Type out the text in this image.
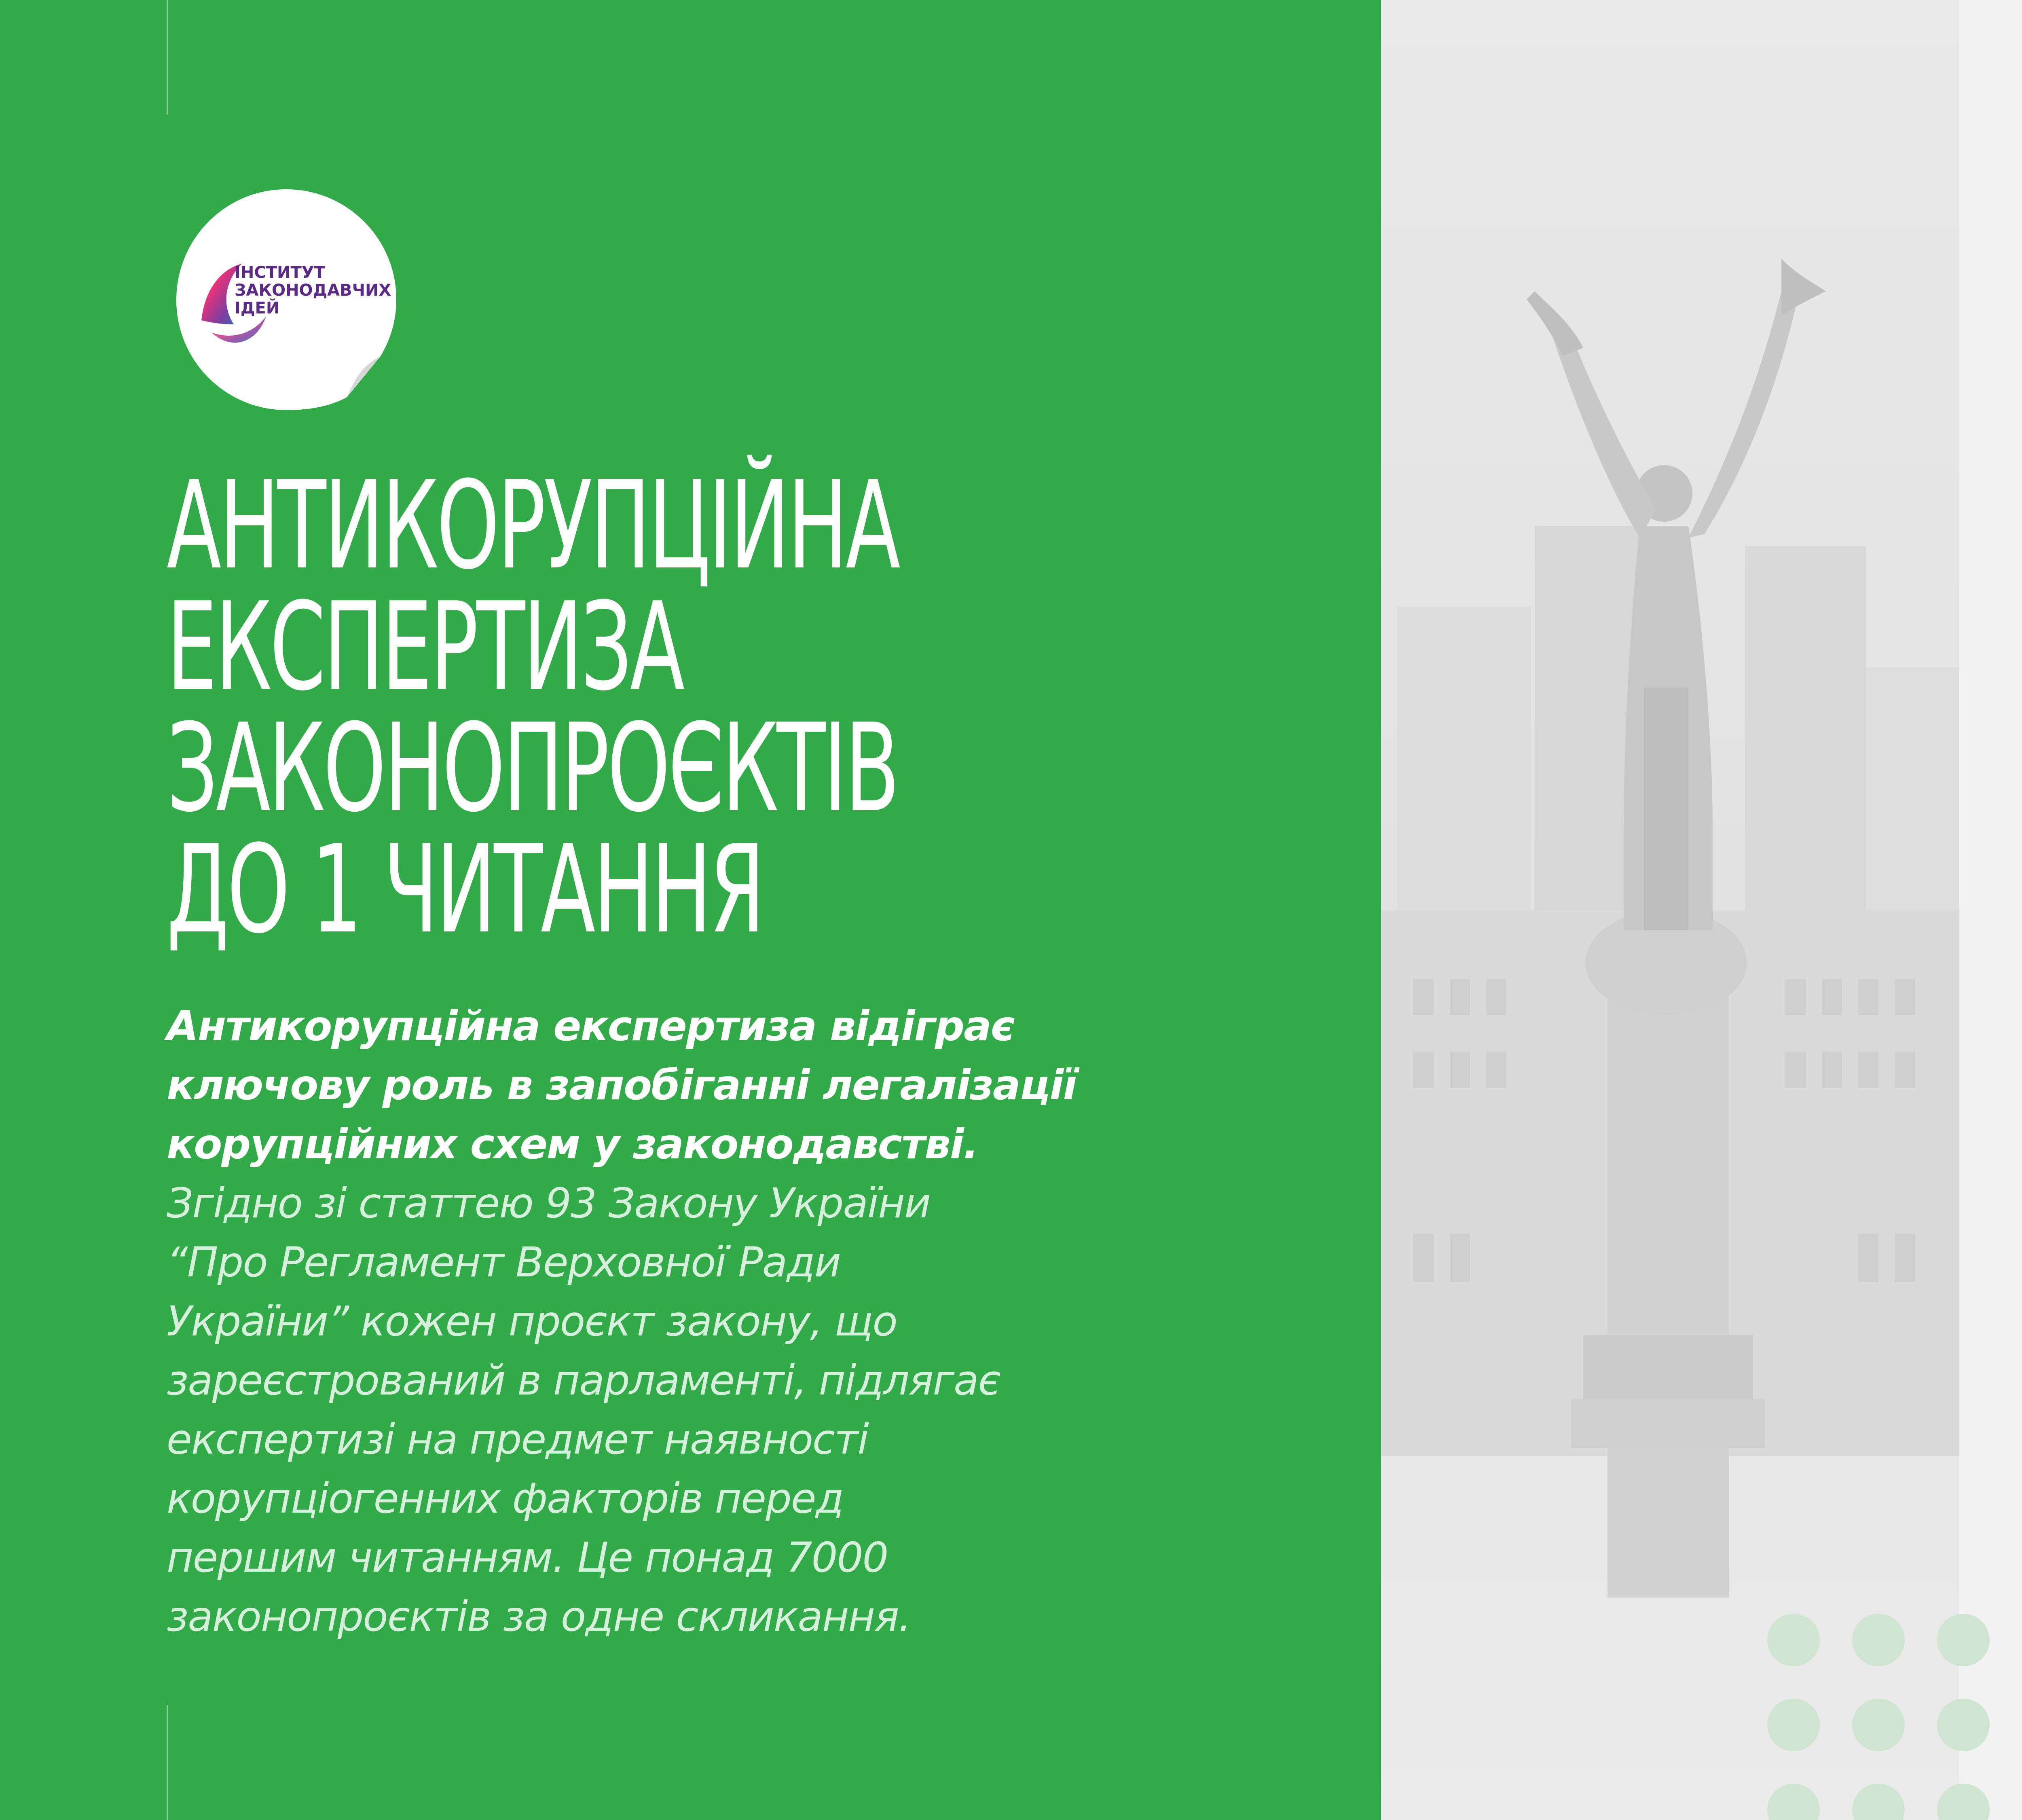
ІНСТИТУТ
ЗАКОНОДАВЧИХ
ІДЕЙ
АНТИКОРУПЦІЙНА
ЕКСПЕРТИЗА
ЗАКОНОПРОЄКТІВ
ДО 1 ЧИТАННЯ

Антикорупційна експертиза відіграє
ключову роль в запобіганні легалізації
корупційних схем у законодавстві.
Згідно зі статтею 93 Закону України
“Про Регламент Верховної Ради
України” кожен проєкт закону, що
зареєстрований в парламенті, підлягає
експертизі на предмет наявності
корупціогенних факторів перед
першим читанням. Це понад 7000
законопроєктів за одне скликання.
